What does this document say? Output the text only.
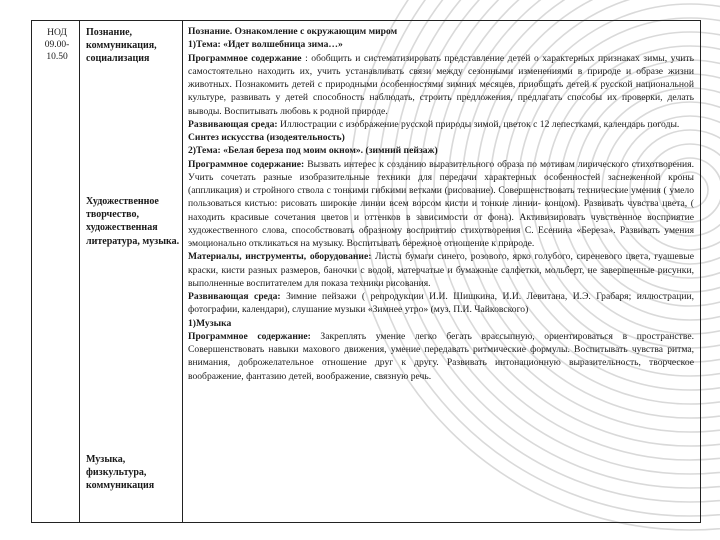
НОД
09.00-10.50
Познание, коммуникация, социализация
Художественное творчество, художественная литература, музыка.
Музыка, физкультура, коммуникация

Познание. Ознакомление с окружающим миром

1)Тема: «Идет волшебница зима…»

Программное содержание : обобщить и систематизировать представление детей о характерных признаках зимы, учить самостоятельно находить их, учить устанавливать связи между сезонными изменениями в природе и образе жизни животных. Познакомить детей с природными особенностями зимних месяцев, приобщать детей к русской национальной культуре, развивать у детей способность наблюдать, строить предложения, предлагать способы их проверки, делать выводы. Воспитывать любовь к родной природе.

Развивающая среда: Иллюстрации с изображение русской природы зимой, цветок с 12 лепестками, календарь погоды.

Синтез искусства (изодеятельность)

2)Тема: «Белая береза под моим окном». (зимний пейзаж)

Программное содержание: Вызвать интерес к созданию выразительного образа по мотивам лирического стихотворения. Учить сочетать разные изобразительные техники для передачи характерных особенностей заснеженной кроны (аппликация) и стройного ствола с тонкими гибкими ветками (рисование). Совершенствовать технические умения ( умело пользоваться кистью: рисовать широкие линии всем ворсом кисти и тонкие линии- концом). Развивать чувства цвета, ( находить красивые сочетания цветов и оттенков в зависимости от фона). Активизировать чувственное восприятие художественного слова, способствовать образному восприятию стихотворения С. Есенина «Береза». Развивать умения эмоционально откликаться на музыку. Воспитывать бережное отношение к природе.

Материалы, инструменты, оборудование: Листы бумаги синего, розового, ярко голубого, сиреневого цвета, гуашевые краски, кисти разных размеров, баночки с водой, матерчатые и бумажные салфетки, мольберт, не завершенные рисунки, выполненные воспитателем для показа техники рисования.

Развивающая среда: Зимние пейзажи ( репродукции И.И. Шишкина, И.И. Левитана, И.Э. Грабаря; иллюстрации, фотографии, календари), слушание музыки «Зимнее утро» (муз. П.И. Чайковского)

1)Музыка

Программное содержание: Закреплять умение легко бегать врассыпную, ориентироваться в пространстве. Совершенствовать навыки махового движения, умение передавать ритмические формулы. Воспитывать чувства ритма, внимания, доброжелательное отношение друг к другу. Развивать интонационную выразительность, творческое воображение, фантазию детей, воображение, связную речь.
